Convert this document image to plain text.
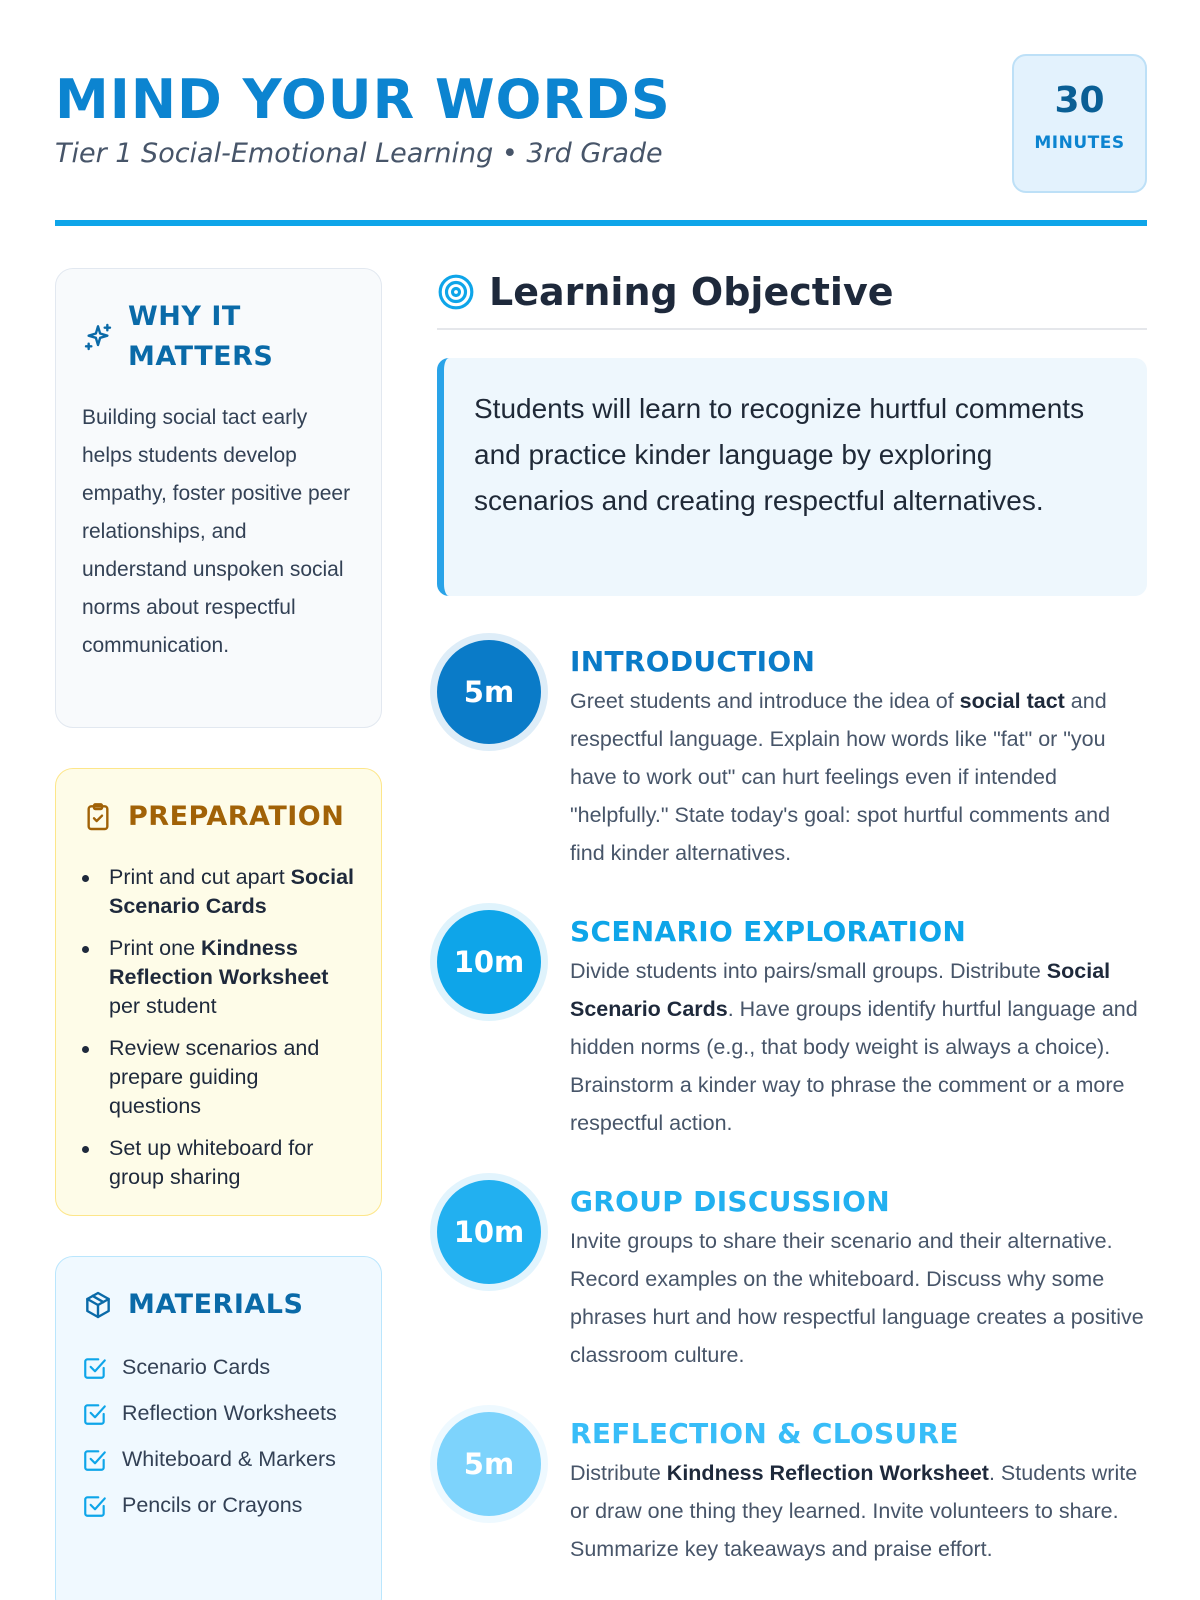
MIND YOUR WORDS
Tier 1 Social-Emotional Learning • 3rd Grade
30
MINUTES
WHY IT
MATTERS

Building social tact early helps students develop empathy, foster positive peer relationships, and understand unspoken social norms about respectful communication.

PREPARATION
Print and cut apart Social Scenario Cards
Print one Kindness Reflection Worksheet per student
Review scenarios and prepare guiding questions
Set up whiteboard for group sharing
MATERIALS
Scenario Cards
Reflection Worksheets
Whiteboard & Markers
Pencils or Crayons
Learning Objective

Students will learn to recognize hurtful comments and practice kinder language by exploring scenarios and creating respectful alternatives.

5m
INTRODUCTION

Greet students and introduce the idea of social tact and respectful language. Explain how words like "fat" or "you have to work out" can hurt feelings even if intended "helpfully." State today's goal: spot hurtful comments and find kinder alternatives.

10m
SCENARIO EXPLORATION

Divide students into pairs/small groups. Distribute Social Scenario Cards. Have groups identify hurtful language and hidden norms (e.g., that body weight is always a choice). Brainstorm a kinder way to phrase the comment or a more respectful action.

10m
GROUP DISCUSSION

Invite groups to share their scenario and their alternative. Record examples on the whiteboard. Discuss why some phrases hurt and how respectful language creates a positive classroom culture.

5m
REFLECTION & CLOSURE

Distribute Kindness Reflection Worksheet. Students write or draw one thing they learned. Invite volunteers to share. Summarize key takeaways and praise effort.
